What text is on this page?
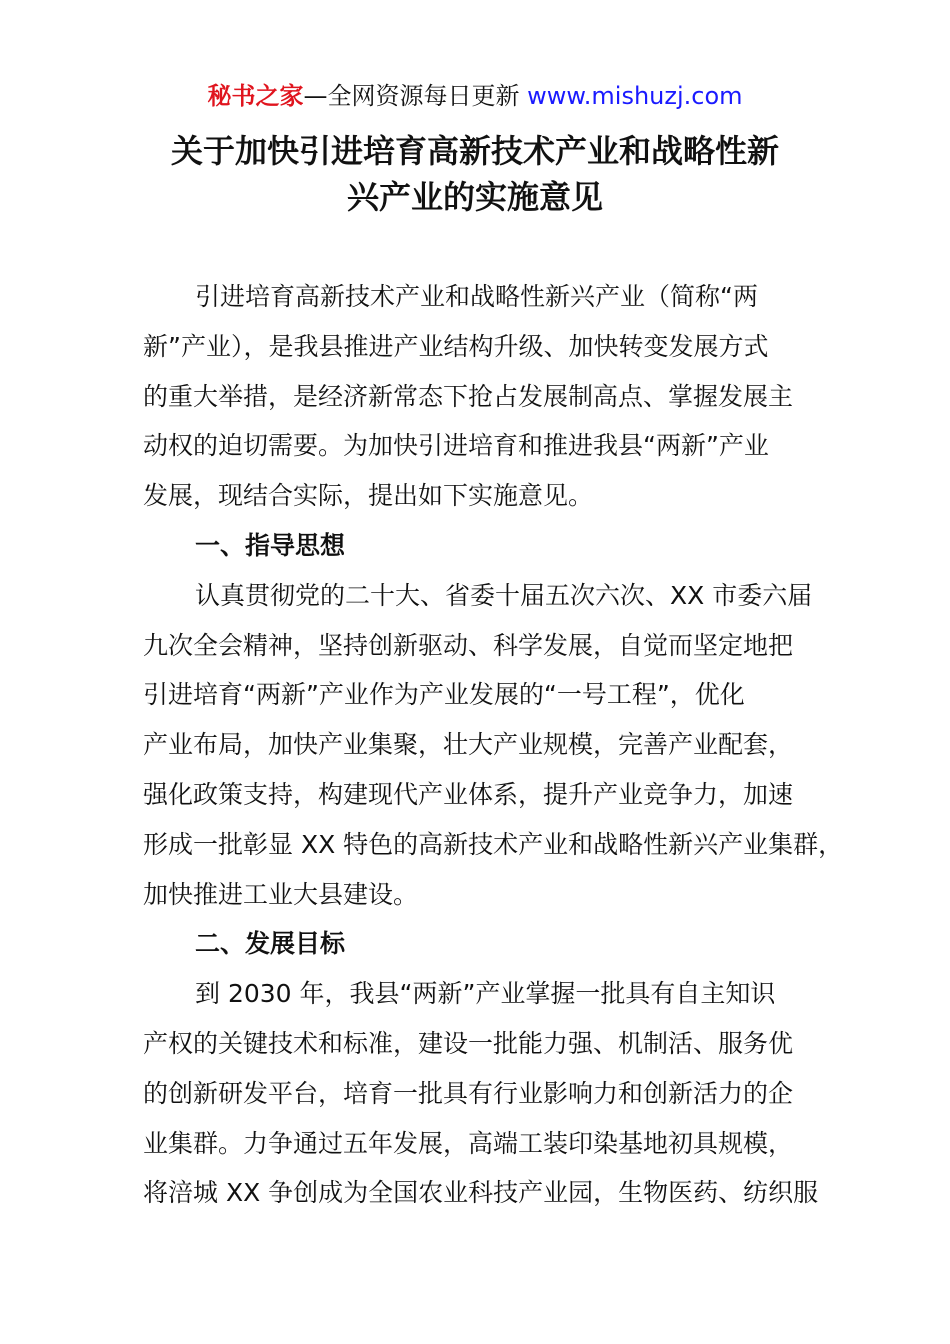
秘书之家—全网资源每日更新 www.mishuzj.com
关于加快引进培育高新技术产业和战略性新
兴产业的实施意见
引进培育高新技术产业和战略性新兴产业（简称“两
新”产业），是我县推进产业结构升级、加快转变发展方式
的重大举措，是经济新常态下抢占发展制高点、掌握发展主
动权的迫切需要。为加快引进培育和推进我县“两新”产业
发展，现结合实际，提出如下实施意见。
一、指导思想
认真贯彻党的二十大、省委十届五次六次、XX 市委六届
九次全会精神，坚持创新驱动、科学发展，自觉而坚定地把
引进培育“两新”产业作为产业发展的“一号工程”，优化
产业布局，加快产业集聚，壮大产业规模，完善产业配套，
强化政策支持，构建现代产业体系，提升产业竞争力，加速
形成一批彰显 XX 特色的高新技术产业和战略性新兴产业集群，
加快推进工业大县建设。
二、发展目标
到 2030 年，我县“两新”产业掌握一批具有自主知识
产权的关键技术和标准，建设一批能力强、机制活、服务优
的创新研发平台，培育一批具有行业影响力和创新活力的企
业集群。力争通过五年发展，高端工装印染基地初具规模，
将涪城 XX 争创成为全国农业科技产业园，生物医药、纺织服
